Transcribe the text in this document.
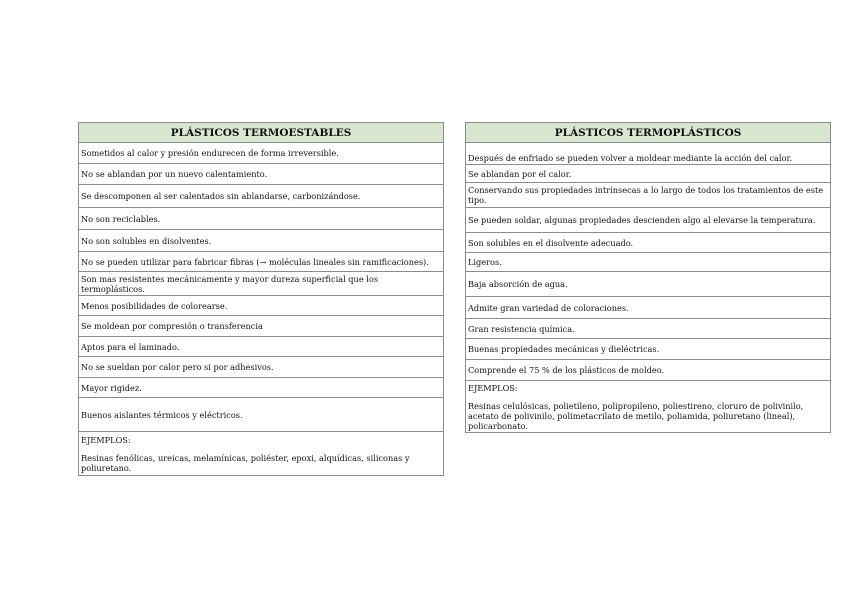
PLÁSTICOS TERMOESTABLES
Sometidos al calor y presión endurecen de forma irreversible.
No se ablandan por un nuevo calentamiento.
Se descomponen al ser calentados sin ablandarse, carbonizándose.
No son reciclables.
No son solubles en disolventes.
No se pueden utilizar para fabricar fibras (→ moléculas lineales sin ramificaciones).
Son mas resistentes mecánicamente y mayor dureza superficial que los termoplásticos.
Menos posibilidades de colorearse.
Se moldean por compresión o transferencia
Aptos para el laminado.
No se sueldan por calor pero si por adhesivos.
Mayor rigidez.
Buenos aislantes térmicos y eléctricos.

EJEMPLOS:
Resinas fenólicas, ureicas, melamínicas, poliéster, epoxi, alquídicas, siliconas y poliuretano.
PLÁSTICOS TERMOPLÁSTICOS
Después de enfriado se pueden volver a moldear mediante la acción del calor.
Se ablandan por el calor.
Conservando sus propiedades intrínsecas a lo largo de todos los tratamientos de este tipo.
Se pueden soldar, algunas propiedades descienden algo al elevarse la temperatura.
Son solubles en el disolvente adecuado.
Ligeros.
Baja absorción de agua.
Admite gran variedad de coloraciones.
Gran resistencia química.
Buenas propiedades mecánicas y dieléctricas.
Comprende el 75 % de los plásticos de moldeo.

EJEMPLOS:
Resinas celulósicas, polietileno, polipropileno, poliestireno, cloruro de polivinilo, acetato de polivinilo, polimetacrilato de metilo, poliamida, poliuretano (lineal), policarbonato.
